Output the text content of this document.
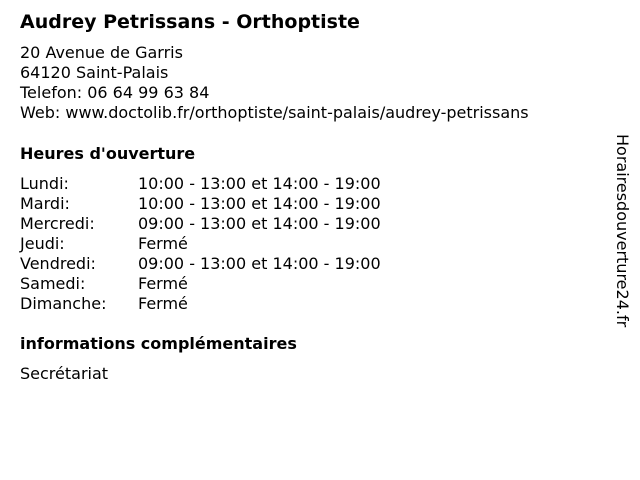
Audrey Petrissans - Orthoptiste
20 Avenue de Garris
64120 Saint-Palais
Telefon: 06 64 99 63 84
Web: www.doctolib.fr/orthoptiste/saint-palais/audrey-petrissans
Heures d'ouverture
Lundi:	10:00 - 13:00 et 14:00 - 19:00
Mardi:	10:00 - 13:00 et 14:00 - 19:00
Mercredi:	09:00 - 13:00 et 14:00 - 19:00
Jeudi:	Fermé
Vendredi:	09:00 - 13:00 et 14:00 - 19:00
Samedi:	Fermé
Dimanche: Fermé
informations complémentaires
Secrétariat
Horairesdouverture24.fr
